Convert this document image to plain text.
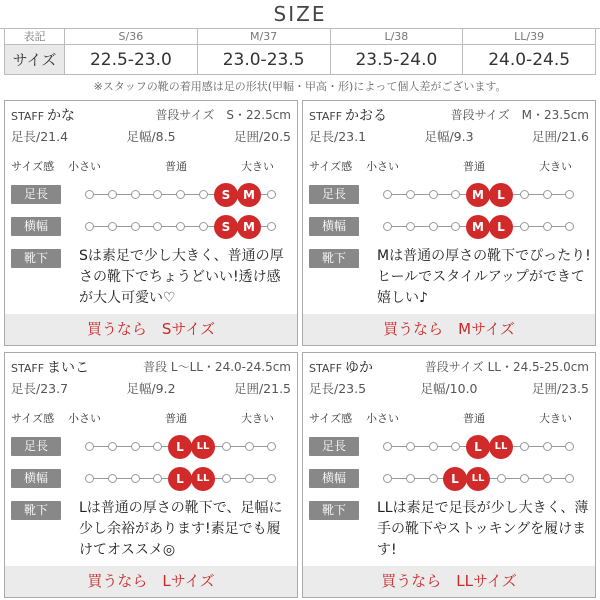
SIZE
表記	S/36	M/37	L/38	LL/39
サイズ	22.5-23.0	23.0-23.5	23.5-24.0	24.0-24.5
※スタッフの靴の着用感は足の形状(甲幅・甲高・形)によって個人差がございます。
STAFF かな	普段サイズ　S・22.5cm
足長/21.4	足幅/8.5	足囲/20.5
サイズ感 小さい	普通	大きい
足長
横幅
靴下
S	M
S	M
Sは素足で少し大きく、普通の厚さの靴下でちょうどいい!透け感が大人可愛い♡
買うなら　Sサイズ
STAFF かおる	普段サイズ　M・23.5cm
足長/23.1	足幅/9.3	足囲/21.6
サイズ感 小さい	普通	大きい
足長
横幅
靴下
M	L
M	L
Mは普通の厚さの靴下でぴったり!ヒールでスタイルアップができて嬉しい♪
買うなら　Mサイズ
STAFF まいこ	普段 L～LL・24.0-24.5cm
足長/23.7	足幅/9.2	足囲/21.5
サイズ感 小さい	普通	大きい
足長
横幅
靴下
L	LL
L	LL
Lは普通の厚さの靴下で、足幅に少し余裕があります!素足でも履けてオススメ◎
買うなら　Lサイズ
STAFF ゆか	普段サイズ LL・24.5-25.0cm
足長/23.5	足幅/10.0	足囲/23.5
サイズ感 小さい	普通	大きい
足長
横幅
靴下
L	LL
L	LL
LLは素足で足長が少し大きく、薄手の靴下やストッキングを履けます!
買うなら　LLサイズ
